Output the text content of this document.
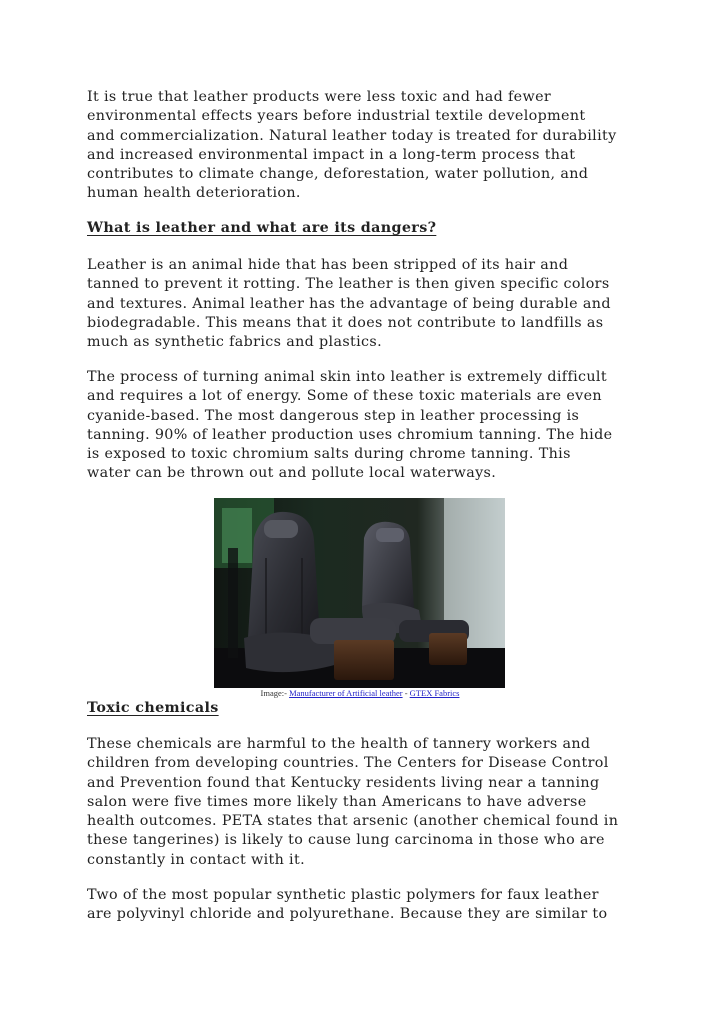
It is true that leather products were less toxic and had fewer
environmental effects years before industrial textile development
and commercialization. Natural leather today is treated for durability
and increased environmental impact in a long-term process that
contributes to climate change, deforestation, water pollution, and
human health deterioration.

What is leather and what are its dangers?

Leather is an animal hide that has been stripped of its hair and
tanned to prevent it rotting. The leather is then given specific colors
and textures. Animal leather has the advantage of being durable and
biodegradable. This means that it does not contribute to landfills as
much as synthetic fabrics and plastics.

The process of turning animal skin into leather is extremely difficult
and requires a lot of energy. Some of these toxic materials are even
cyanide-based. The most dangerous step in leather processing is
tanning. 90% of leather production uses chromium tanning. The hide
is exposed to toxic chromium salts during chrome tanning. This
water can be thrown out and pollute local waterways.

Image:- Manufacturer of Artificial leather - GTEX Fabrics
Toxic chemicals

These chemicals are harmful to the health of tannery workers and
children from developing countries. The Centers for Disease Control
and Prevention found that Kentucky residents living near a tanning
salon were five times more likely than Americans to have adverse
health outcomes. PETA states that arsenic (another chemical found in
these tangerines) is likely to cause lung carcinoma in those who are
constantly in contact with it.

Two of the most popular synthetic plastic polymers for faux leather
are polyvinyl chloride and polyurethane. Because they are similar to
